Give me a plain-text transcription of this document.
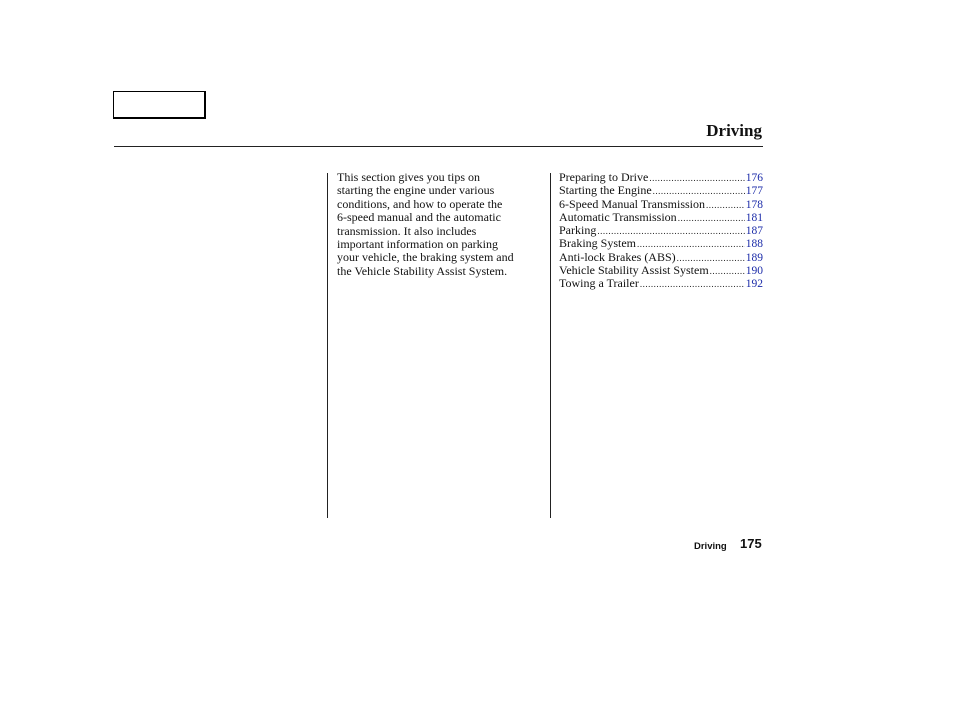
Driving
This section gives you tips on
starting the engine under various
conditions, and how to operate the
6-speed manual and the automatic
transmission. It also includes
important information on parking
your vehicle, the braking system and
the Vehicle Stability Assist System.
Preparing to Drive .....	176
Starting the Engine .....	177
6-Speed Manual Transmission .....	178
Automatic Transmission .....	181
Parking .....	187
Braking System .....	188
Anti-lock Brakes (ABS) .....	189
Vehicle Stability Assist System .....	190
Towing a Trailer .....	192
Driving 175
